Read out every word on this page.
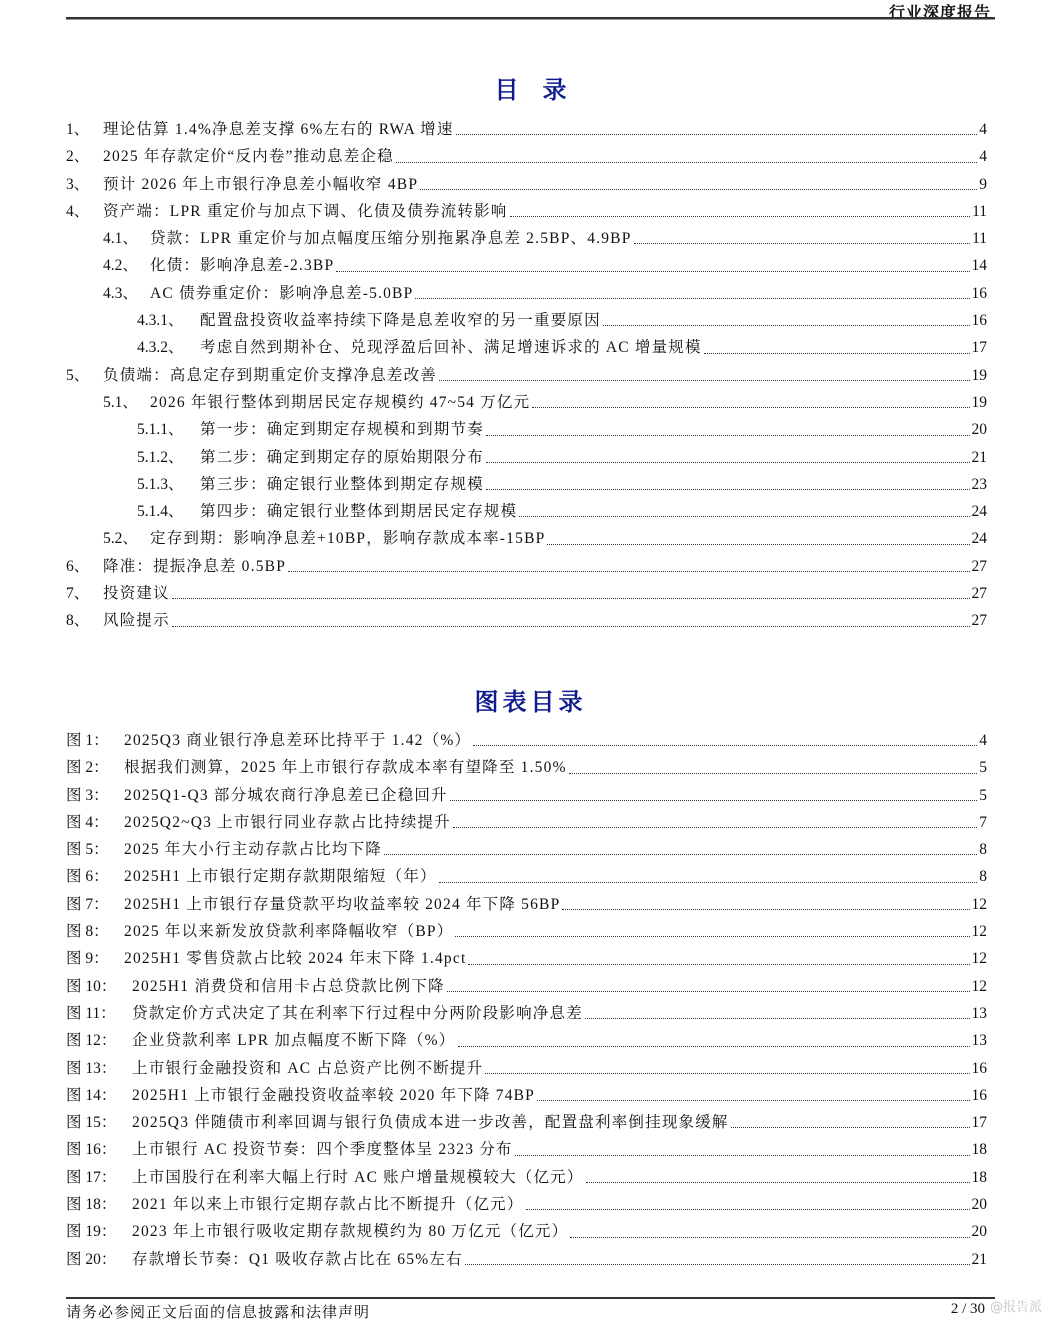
行业深度报告
目录
1、 理论估算 1.4%净息差支撑 6%左右的 RWA 增速	4
2、 2025 年存款定价“反内卷”推动息差企稳	4
3、 预计 2026 年上市银行净息差小幅收窄 4BP	9
4、 资产端：LPR 重定价与加点下调、化债及债券流转影响	11
4.1、 贷款：LPR 重定价与加点幅度压缩分别拖累净息差 2.5BP、4.9BP	11
4.2、 化债：影响净息差-2.3BP	14
4.3、 AC 债券重定价：影响净息差-5.0BP	16
4.3.1、	配置盘投资收益率持续下降是息差收窄的另一重要原因	16
4.3.2、	考虑自然到期补仓、兑现浮盈后回补、满足增速诉求的 AC 增量规模	17
5、 负债端：高息定存到期重定价支撑净息差改善	19
5.1、 2026 年银行整体到期居民定存规模约 47~54 万亿元	19
5.1.1、	第一步：确定到期定存规模和到期节奏	20
5.1.2、	第二步：确定到期定存的原始期限分布	21
5.1.3、	第三步：确定银行业整体到期定存规模	23
5.1.4、	第四步：确定银行业整体到期居民定存规模	24
5.2、 定存到期：影响净息差+10BP，影响存款成本率-15BP	24
6、 降准：提振净息差 0.5BP	27
7、 投资建议	27
8、 风险提示	27
图表目录
图 1： 2025Q3 商业银行净息差环比持平于 1.42（%）	4
图 2： 根据我们测算，2025 年上市银行存款成本率有望降至 1.50%	5
图 3： 2025Q1-Q3 部分城农商行净息差已企稳回升	5
图 4： 2025Q2~Q3 上市银行同业存款占比持续提升	7
图 5： 2025 年大小行主动存款占比均下降	8
图 6： 2025H1 上市银行定期存款期限缩短（年）	8
图 7： 2025H1 上市银行存量贷款平均收益率较 2024 年下降 56BP	12
图 8： 2025 年以来新发放贷款利率降幅收窄（BP）	12
图 9： 2025H1 零售贷款占比较 2024 年末下降 1.4pct	12
图 10：	2025H1 消费贷和信用卡占总贷款比例下降	12
图 11：	贷款定价方式决定了其在利率下行过程中分两阶段影响净息差	13
图 12：	企业贷款利率 LPR 加点幅度不断下降（%）	13
图 13：	上市银行金融投资和 AC 占总资产比例不断提升	16
图 14：	2025H1 上市银行金融投资收益率较 2020 年下降 74BP	16
图 15：	2025Q3 伴随债市利率回调与银行负债成本进一步改善，配置盘利率倒挂现象缓解	17
图 16：	上市银行 AC 投资节奏：四个季度整体呈 2323 分布	18
图 17：	上市国股行在利率大幅上行时 AC 账户增量规模较大（亿元）	18
图 18：	2021 年以来上市银行定期存款占比不断提升（亿元）	20
图 19：	2023 年上市银行吸收定期存款规模约为 80 万亿元（亿元）	20
图 20：	存款增长节奏：Q1 吸收存款占比在 65%左右	21
请务必参阅正文后面的信息披露和法律声明	2 / 30 @报告派
